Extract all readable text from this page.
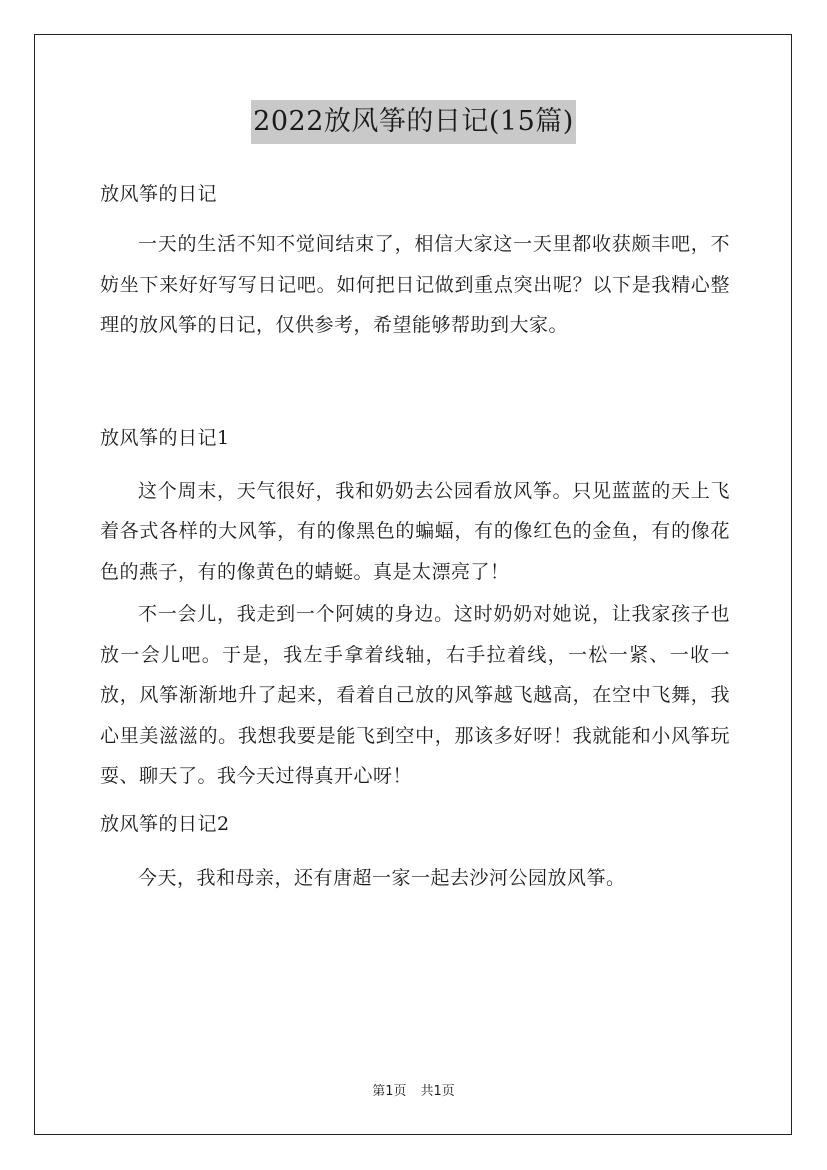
2022放风筝的日记(15篇)

放风筝的日记

一天的生活不知不觉间结束了，相信大家这一天里都收获颇丰吧，不妨坐下来好好写写日记吧。如何把日记做到重点突出呢？以下是我精心整理的放风筝的日记，仅供参考，希望能够帮助到大家。

放风筝的日记1

这个周末，天气很好，我和奶奶去公园看放风筝。只见蓝蓝的天上飞着各式各样的大风筝，有的像黑色的蝙蝠，有的像红色的金鱼，有的像花色的燕子，有的像黄色的蜻蜓。真是太漂亮了！

不一会儿，我走到一个阿姨的身边。这时奶奶对她说，让我家孩子也放一会儿吧。于是，我左手拿着线轴，右手拉着线，一松一紧、一收一放，风筝渐渐地升了起来，看着自己放的风筝越飞越高，在空中飞舞，我心里美滋滋的。我想我要是能飞到空中，那该多好呀！我就能和小风筝玩耍、聊天了。我今天过得真开心呀！

放风筝的日记2

今天，我和母亲，还有唐超一家一起去沙河公园放风筝。

第1页 共1页
